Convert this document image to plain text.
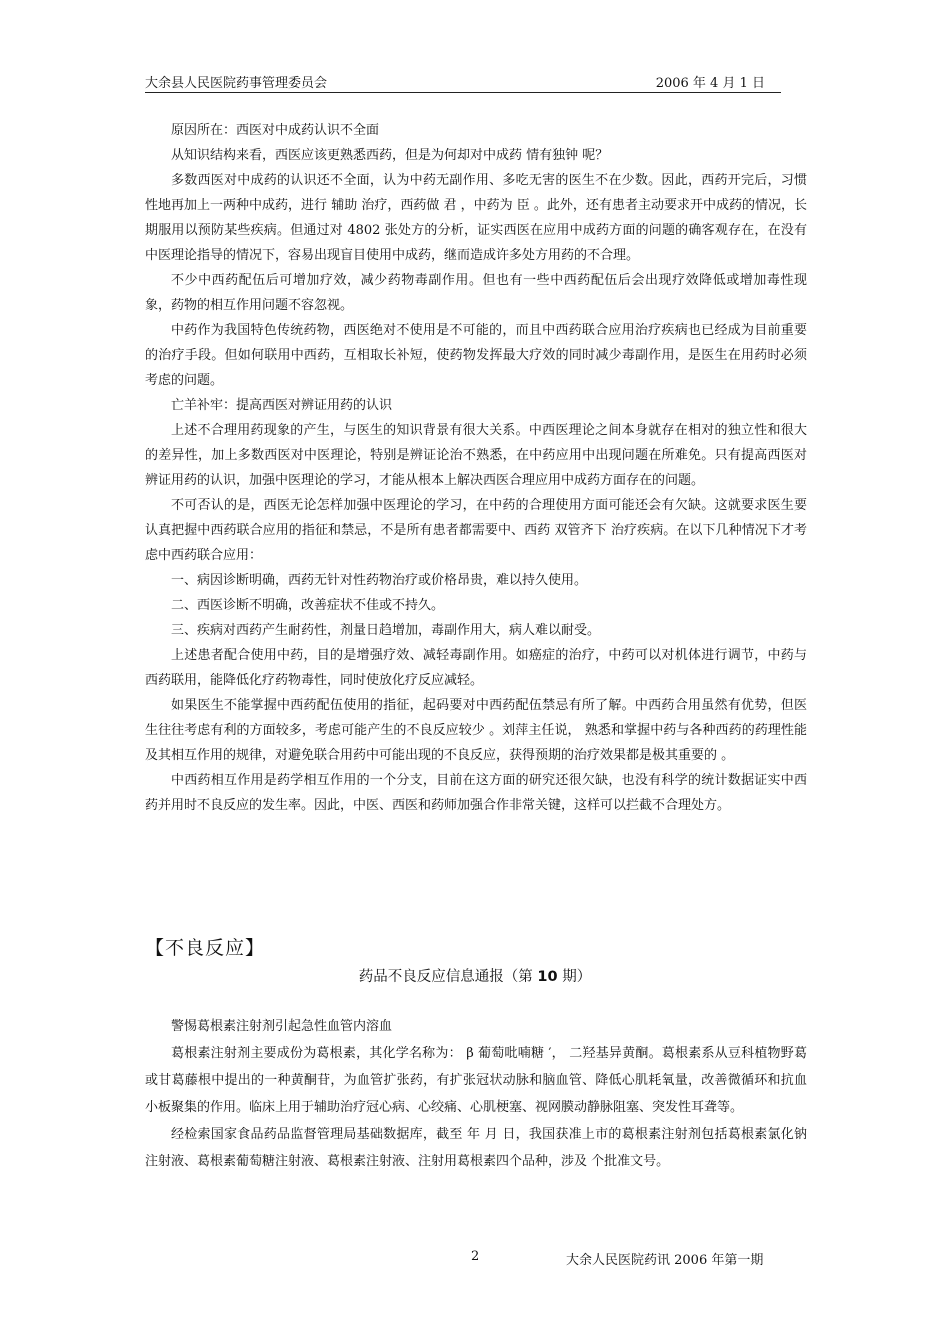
大余县人民医院药事管理委员会	2006 年 4 月 1 日

原因所在：西医对中成药认识不全面

从知识结构来看，西医应该更熟悉西药，但是为何却对中成药 情有独钟 呢？

多数西医对中成药的认识还不全面，认为中药无副作用、多吃无害的医生不在少数。因此，西药开完后，习惯性地再加上一两种中成药，进行 辅助 治疗，西药做 君 ，中药为 臣 。此外，还有患者主动要求开中成药的情况，长期服用以预防某些疾病。但通过对 4802 张处方的分析，证实西医在应用中成药方面的问题的确客观存在，在没有中医理论指导的情况下，容易出现盲目使用中成药，继而造成许多处方用药的不合理。

不少中西药配伍后可增加疗效，减少药物毒副作用。但也有一些中西药配伍后会出现疗效降低或增加毒性现象，药物的相互作用问题不容忽视。

中药作为我国特色传统药物，西医绝对不使用是不可能的，而且中西药联合应用治疗疾病也已经成为目前重要的治疗手段。但如何联用中西药，互相取长补短，使药物发挥最大疗效的同时减少毒副作用，是医生在用药时必须考虑的问题。

亡羊补牢：提高西医对辨证用药的认识

上述不合理用药现象的产生，与医生的知识背景有很大关系。中西医理论之间本身就存在相对的独立性和很大的差异性，加上多数西医对中医理论，特别是辨证论治不熟悉，在中药应用中出现问题在所难免。只有提高西医对辨证用药的认识，加强中医理论的学习，才能从根本上解决西医合理应用中成药方面存在的问题。

不可否认的是，西医无论怎样加强中医理论的学习，在中药的合理使用方面可能还会有欠缺。这就要求医生要认真把握中西药联合应用的指征和禁忌，不是所有患者都需要中、西药 双管齐下 治疗疾病。在以下几种情况下才考虑中西药联合应用：

一、病因诊断明确，西药无针对性药物治疗或价格昂贵，难以持久使用。

二、西医诊断不明确，改善症状不佳或不持久。

三、疾病对西药产生耐药性，剂量日趋增加，毒副作用大，病人难以耐受。

上述患者配合使用中药，目的是增强疗效、减轻毒副作用。如癌症的治疗，中药可以对机体进行调节，中药与西药联用，能降低化疗药物毒性，同时使放化疗反应减轻。

如果医生不能掌握中西药配伍使用的指征，起码要对中西药配伍禁忌有所了解。中西药合用虽然有优势，但医生往往考虑有利的方面较多，考虑可能产生的不良反应较少 。刘萍主任说， 熟悉和掌握中药与各种西药的药理性能及其相互作用的规律，对避免联合用药中可能出现的不良反应，获得预期的治疗效果都是极其重要的 。

中西药相互作用是药学相互作用的一个分支，目前在这方面的研究还很欠缺，也没有科学的统计数据证实中西药并用时不良反应的发生率。因此，中医、西医和药师加强合作非常关键，这样可以拦截不合理处方。

【不良反应】
药品不良反应信息通报（第 10 期）

警惕葛根素注射剂引起急性血管内溶血

葛根素注射剂主要成份为葛根素，其化学名称为： β 葡萄吡喃糖 ′， 二羟基异黄酮。葛根素系从豆科植物野葛或甘葛藤根中提出的一种黄酮苷，为血管扩张药，有扩张冠状动脉和脑血管、降低心肌耗氧量，改善微循环和抗血小板聚集的作用。临床上用于辅助治疗冠心病、心绞痛、心肌梗塞、视网膜动静脉阻塞、突发性耳聋等。

经检索国家食品药品监督管理局基础数据库，截至 年 月 日，我国获准上市的葛根素注射剂包括葛根素氯化钠注射液、葛根素葡萄糖注射液、葛根素注射液、注射用葛根素四个品种，涉及 个批准文号。

2	大余人民医院药讯 2006 年第一期
